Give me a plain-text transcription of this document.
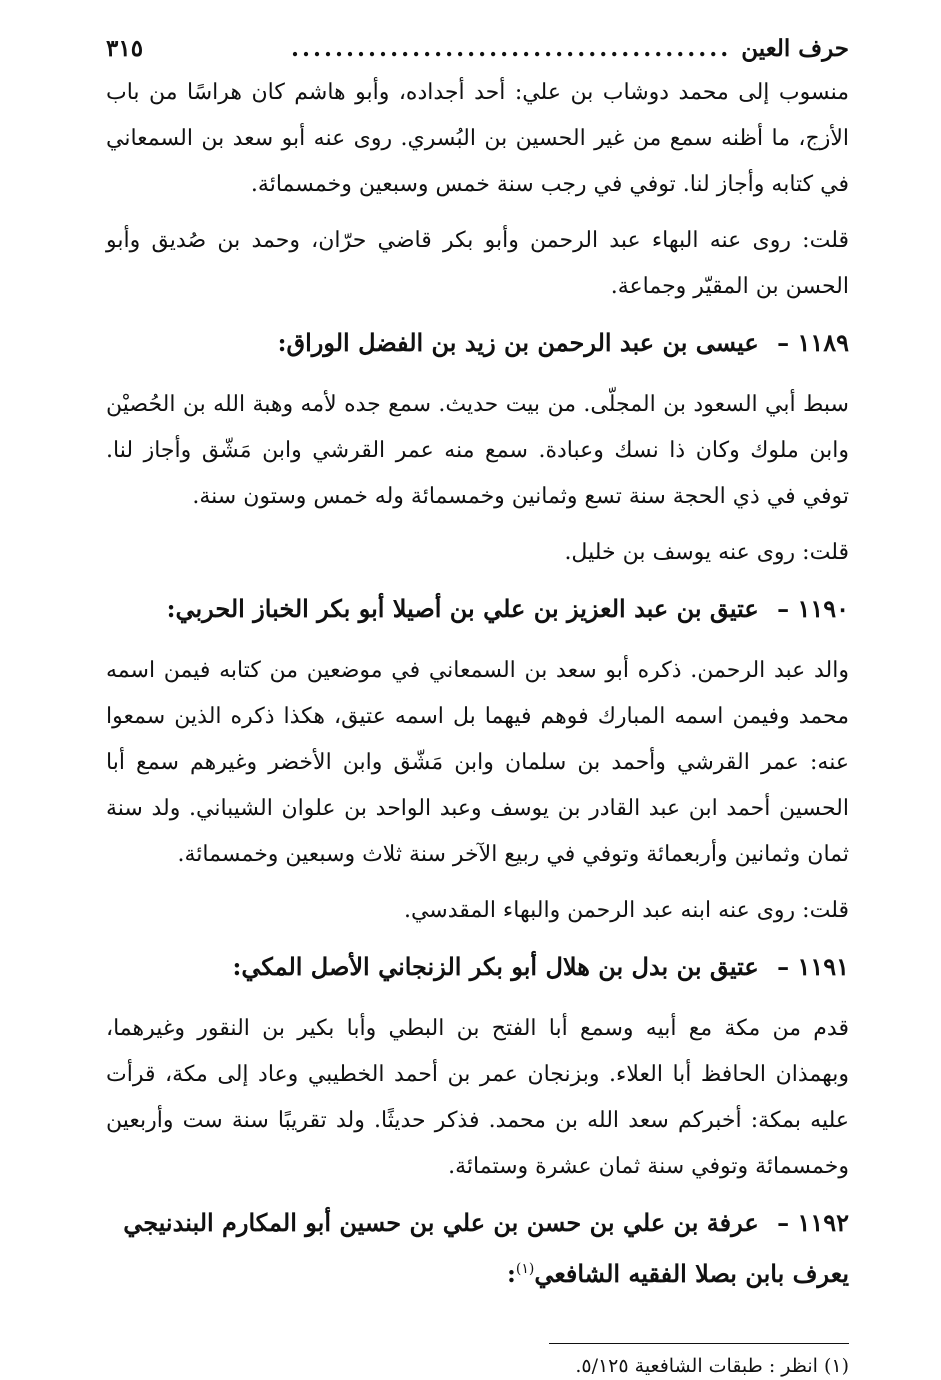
حرف العين
........................................
٣١٥

منسوب إلى محمد دوشاب بن علي: أحد أجداده، وأبو هاشم كان هراسًا من باب الأزج، ما أظنه سمع من غير الحسين بن البُسري. روى عنه أبو سعد بن السمعاني في كتابه وأجاز لنا. توفي في رجب سنة خمس وسبعين وخمسمائة.

قلت: روى عنه البهاء عبد الرحمن وأبو بكر قاضي حرّان، وحمد بن صُديق وأبو الحسن بن المقيّر وجماعة.

١١٨٩ – عيسى بن عبد الرحمن بن زيد بن الفضل الوراق:

سبط أبي السعود بن المجلّى. من بيت حديث. سمع جده لأمه وهبة الله بن الحُصيْن وابن ملوك وكان ذا نسك وعبادة. سمع منه عمر القرشي وابن مَشّق وأجاز لنا. توفي في ذي الحجة سنة تسع وثمانين وخمسمائة وله خمس وستون سنة.

قلت: روى عنه يوسف بن خليل.

١١٩٠ – عتيق بن عبد العزيز بن علي بن أصيلا أبو بكر الخباز الحربي:

والد عبد الرحمن. ذكره أبو سعد بن السمعاني في موضعين من كتابه فيمن اسمه محمد وفيمن اسمه المبارك فوهم فيهما بل اسمه عتيق، هكذا ذكره الذين سمعوا عنه: عمر القرشي وأحمد بن سلمان وابن مَشّق وابن الأخضر وغيرهم سمع أبا الحسين أحمد ابن عبد القادر بن يوسف وعبد الواحد بن علوان الشيباني. ولد سنة ثمان وثمانين وأربعمائة وتوفي في ربيع الآخر سنة ثلاث وسبعين وخمسمائة.

قلت: روى عنه ابنه عبد الرحمن والبهاء المقدسي.

١١٩١ – عتيق بن بدل بن هلال أبو بكر الزنجاني الأصل المكي:

قدم من مكة مع أبيه وسمع أبا الفتح بن البطي وأبا بكير بن النقور وغيرهما، وبهمذان الحافظ أبا العلاء. وبزنجان عمر بن أحمد الخطيبي وعاد إلى مكة، قرأت عليه بمكة: أخبركم سعد الله بن محمد. فذكر حديثًا. ولد تقريبًا سنة ست وأربعين وخمسمائة وتوفي سنة ثمان عشرة وستمائة.

١١٩٢ – عرفة بن علي بن حسن بن علي بن حسين أبو المكارم البندنيجي يعرف بابن بصلا الفقيه الشافعي$^{(١)}$:
(١) انظر : طبقات الشافعية ٥/١٢٥.
